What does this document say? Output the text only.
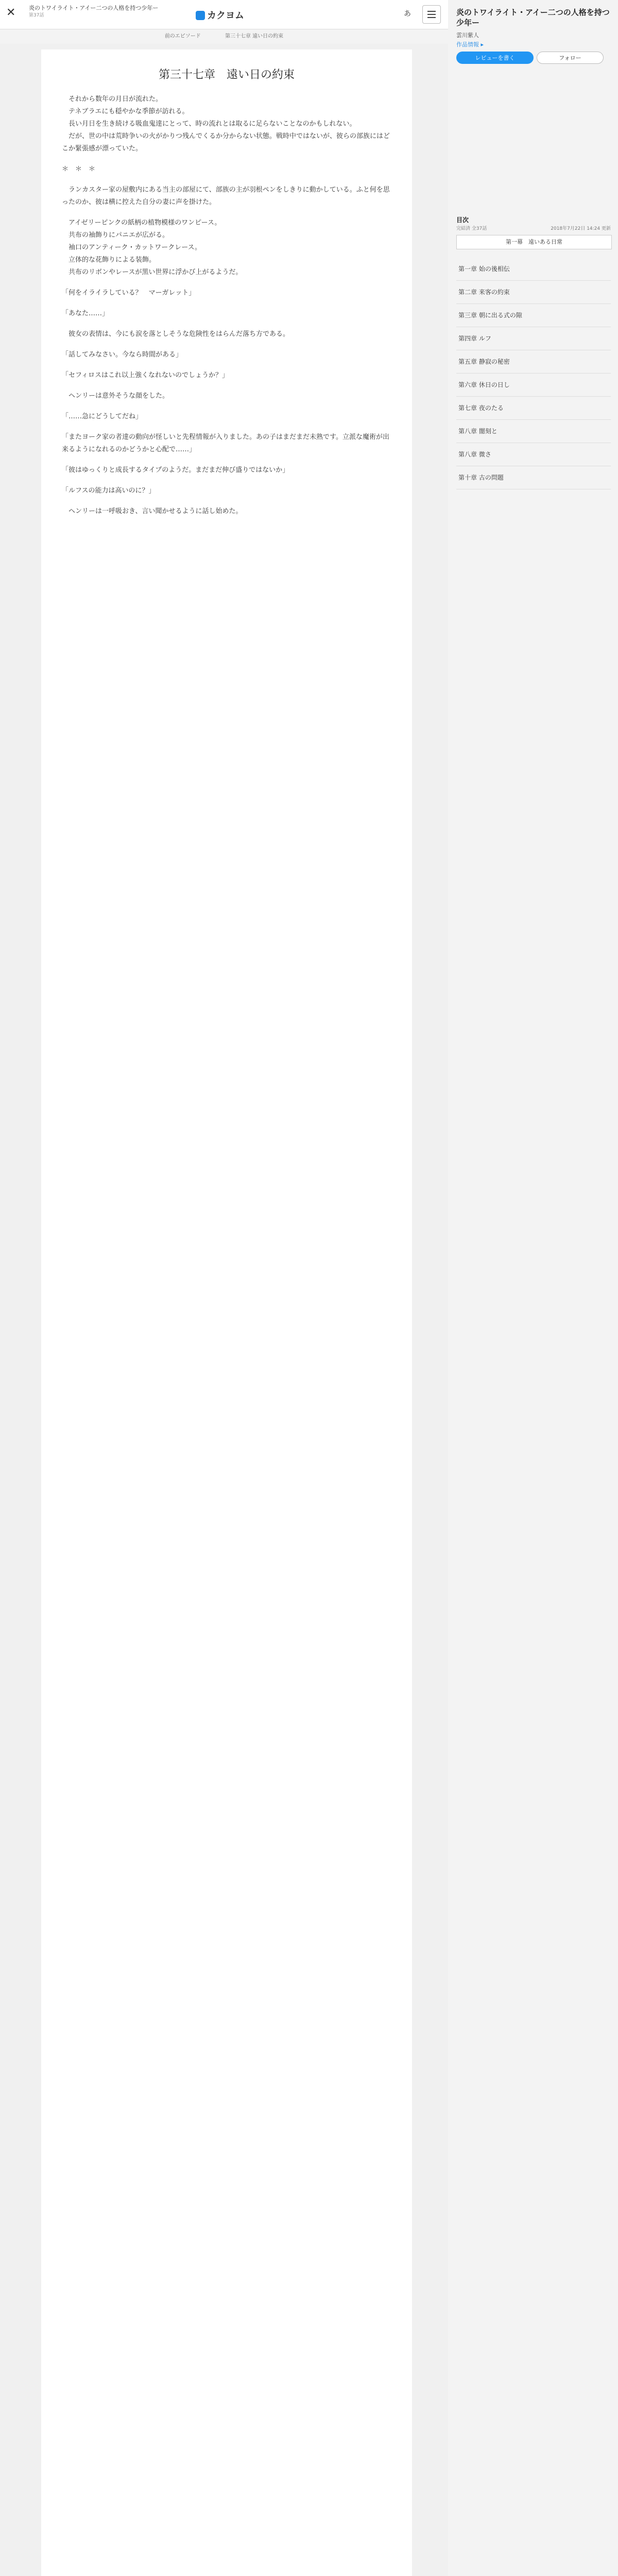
✕ 炎のトワイライト・アイー二つの人格を持つ少年ー
第37話	カクヨム	あ
前のエピソード	第三十七章 遠い日の約束
第三十七章　遠い日の約束

　それから数年の月日が流れた。
　テネブラエにも穏やかな季節が訪れる。
　長い月日を生き続ける吸血鬼達にとって、時の流れとは取るに足らないことなのかもしれない。
　だが、世の中は荒時争いの火がかりつ残んでくるか分からない状態。戦時中ではないが、彼らの部族にはどこか緊張感が漂っていた。

＊　＊　＊

　ランカスター家の屋敷内にある当主の部屋にて、部族の主が羽根ペンをしきりに動かしている。ふと何を思ったのか、彼は横に控えた自分の妻に声を掛けた。

　アイゼリーピンクの紙柄の植物模様のワンピース。
　共布の袖飾りにパニエが広がる。
　袖口のアンティーク・カットワークレース。
　立体的な花飾りによる装飾。
　共布のリボンやレースが黒い世界に浮かび上がるようだ。

「何をイライラしている？　マーガレット」

「あなた……」

　彼女の表情は、今にも涙を落としそうな危険性をはらんだ落ち方である。

「話してみなさい。今なら時間がある」

「セフィロスはこれ以上強くなれないのでしょうか？」

　ヘンリーは意外そうな顔をした。

「……急にどうしてだね」

「またヨーク家の者達の動向が怪しいと先程情報が入りました。あの子はまだまだ未熟です。立派な魔術が出来るようになれるのかどうかと心配で……」

「彼はゆっくりと成長するタイプのようだ。まだまだ伸び盛りではないか」

「ルフスの能力は高いのに？」

　ヘンリーは一呼吸おき、言い聞かせるように話し始めた。

炎のトワイライト・アイー二つの人格を持つ少年ー
雲川紫人
作品情報 ▸
レビューを書く	フォロー
目次
完結済 全37話	2018年7月22日 14:24 更新
第一幕　遠いある日常
第一章 始の後相伝
第二章 来客の約束
第三章 朝に出る式の隙
第四章 ルフ
第五章 静寂の秘密
第六章 休日の日し
第七章 夜のたる
第八章 闇刻と
第八章 微さ
第十章 古の問題
